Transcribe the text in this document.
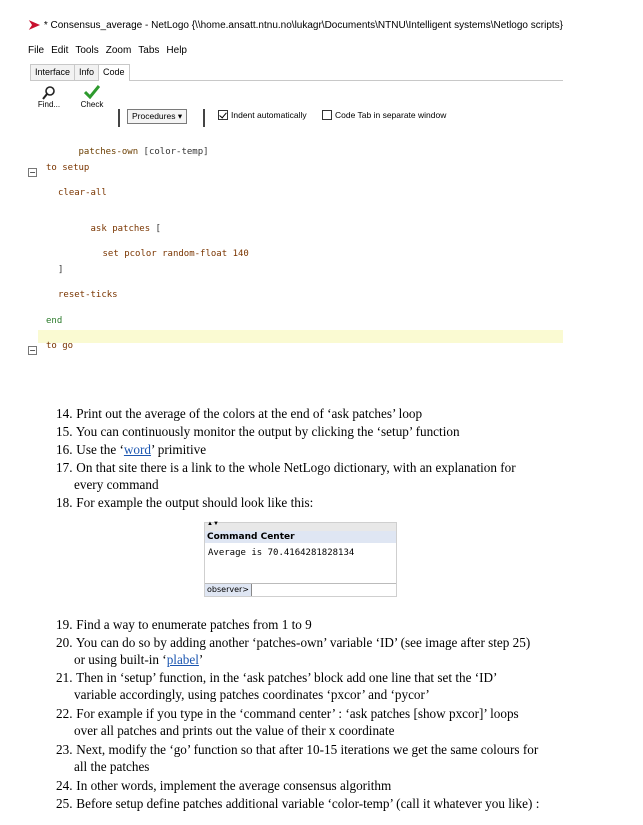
* Consensus_average - NetLogo {\\home.ansatt.ntnu.no\lukagr\Documents\NTNU\Intelligent systems\Netlogo scripts}
File Edit Tools Zoom Tabs Help
Interface	Info	Code
Find...	Check
Procedures ▾	Indent automatically	Code Tab in separate window

patches-own [color-temp]

− to setup
clear-all

ask patches [

set pcolor random-float 140

]
reset-ticks
end
− to go
14. Print out the average of the colors at the end of ‘ask patches’ loop
15. You can continuously monitor the output by clicking the ‘setup’ function
16. Use the ‘word’ primitive
17. On that site there is a link to the whole NetLogo dictionary, with an explanation for
every command
18. For example the output should look like this:
19. Find a way to enumerate patches from 1 to 9
20. You can do so by adding another ‘patches-own’ variable ‘ID’ (see image after step 25)
or using built-in ‘plabel’
21. Then in ‘setup’ function, in the ‘ask patches’ block add one line that set the ‘ID’
variable accordingly, using patches coordinates ‘pxcor’ and ‘pycor’
22. For example if you type in the ‘command center’ : ‘ask patches [show pxcor]’ loops
over all patches and prints out the value of their x coordinate
23. Next, modify the ‘go’ function so that after 10-15 iterations we get the same colours for
all the patches
24. In other words, implement the average consensus algorithm
25. Before setup define patches additional variable ‘color-temp’ (call it whatever you like) :
▲▼
Command Center
Average is 70.4164281828134
observer>
